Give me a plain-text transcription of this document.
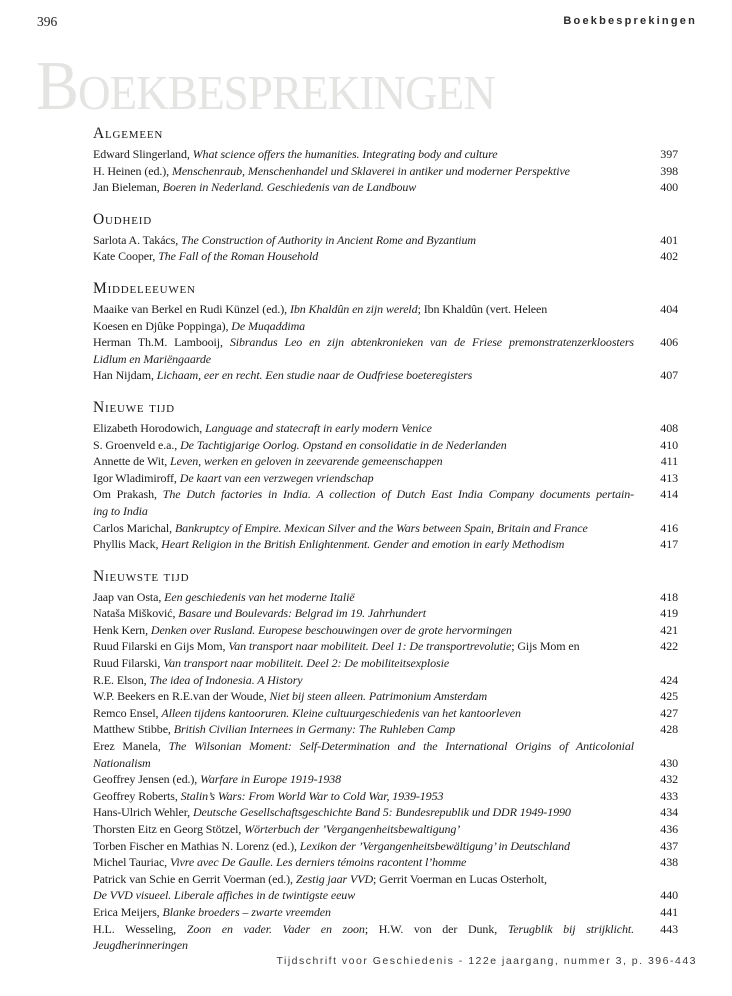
396	Boekbesprekingen
Boekbesprekingen
Algemeen
Edward Slingerland, What science offers the humanities. Integrating body and culture	397
H. Heinen (ed.), Menschenraub, Menschenhandel und Sklaverei in antiker und moderner Perspektive	398
Jan Bieleman, Boeren in Nederland. Geschiedenis van de Landbouw	400
Oudheid
Sarlota A. Takács, The Construction of Authority in Ancient Rome and Byzantium	401
Kate Cooper, The Fall of the Roman Household	402
Middeleeuwen
Maaike van Berkel en Rudi Künzel (ed.), Ibn Khaldûn en zijn wereld; Ibn Khaldûn (vert. Heleen	404
Koesen en Djûke Poppinga), De Muqaddima
Herman Th.M. Lambooij, Sibrandus Leo en zijn abtenkronieken van de Friese premonstratenzerkloosters	406
Lidlum en Mariëngaarde
Han Nijdam, Lichaam, eer en recht. Een studie naar de Oudfriese boeteregisters	407
Nieuwe tijd
Elizabeth Horodowich, Language and statecraft in early modern Venice	408
S. Groenveld e.a., De Tachtigjarige Oorlog. Opstand en consolidatie in de Nederlanden	410
Annette de Wit, Leven, werken en geloven in zeevarende gemeenschappen	411
Igor Wladimiroff, De kaart van een verzwegen vriendschap	413
Om Prakash, The Dutch factories in India. A collection of Dutch East India Company documents pertain-	414
ing to India
Carlos Marichal, Bankruptcy of Empire. Mexican Silver and the Wars between Spain, Britain and France	416
Phyllis Mack, Heart Religion in the British Enlightenment. Gender and emotion in early Methodism	417
Nieuwste tijd
Jaap van Osta, Een geschiedenis van het moderne Italië	418
Nataša Mišković, Basare und Boulevards: Belgrad im 19. Jahrhundert	419
Henk Kern, Denken over Rusland. Europese beschouwingen over de grote hervormingen	421
Ruud Filarski en Gijs Mom, Van transport naar mobiliteit. Deel 1: De transportrevolutie; Gijs Mom en	422
Ruud Filarski, Van transport naar mobiliteit. Deel 2: De mobiliteitsexplosie
R.E. Elson, The idea of Indonesia. A History	424
W.P. Beekers en R.E.van der Woude, Niet bij steen alleen. Patrimonium Amsterdam	425
Remco Ensel, Alleen tijdens kantooruren. Kleine cultuurgeschiedenis van het kantoorleven	427
Matthew Stibbe, British Civilian Internees in Germany: The Ruhleben Camp	428
Erez Manela, The Wilsonian Moment: Self-Determination and the International Origins of Anticolonial
Nationalism	430
Geoffrey Jensen (ed.), Warfare in Europe 1919-1938	432
Geoffrey Roberts, Stalin’s Wars: From World War to Cold War, 1939-1953	433
Hans-Ulrich Wehler, Deutsche Gesellschaftsgeschichte Band 5: Bundesrepublik und DDR 1949-1990	434
Thorsten Eitz en Georg Stötzel, Wörterbuch der ’Vergangenheitsbewaltigung’	436
Torben Fischer en Mathias N. Lorenz (ed.), Lexikon der ’Vergangenheitsbewältigung’ in Deutschland	437
Michel Tauriac, Vivre avec De Gaulle. Les derniers témoins racontent l’homme	438
Patrick van Schie en Gerrit Voerman (ed.), Zestig jaar VVD; Gerrit Voerman en Lucas Osterholt,
De VVD visueel. Liberale affiches in de twintigste eeuw	440
Erica Meijers, Blanke broeders – zwarte vreemden	441
H.L. Wesseling, Zoon en vader. Vader en zoon; H.W. von der Dunk, Terugblik bij strijklicht.	443
Jeugdherinneringen
Tijdschrift voor Geschiedenis - 122e jaargang, nummer 3, p. 396-443
